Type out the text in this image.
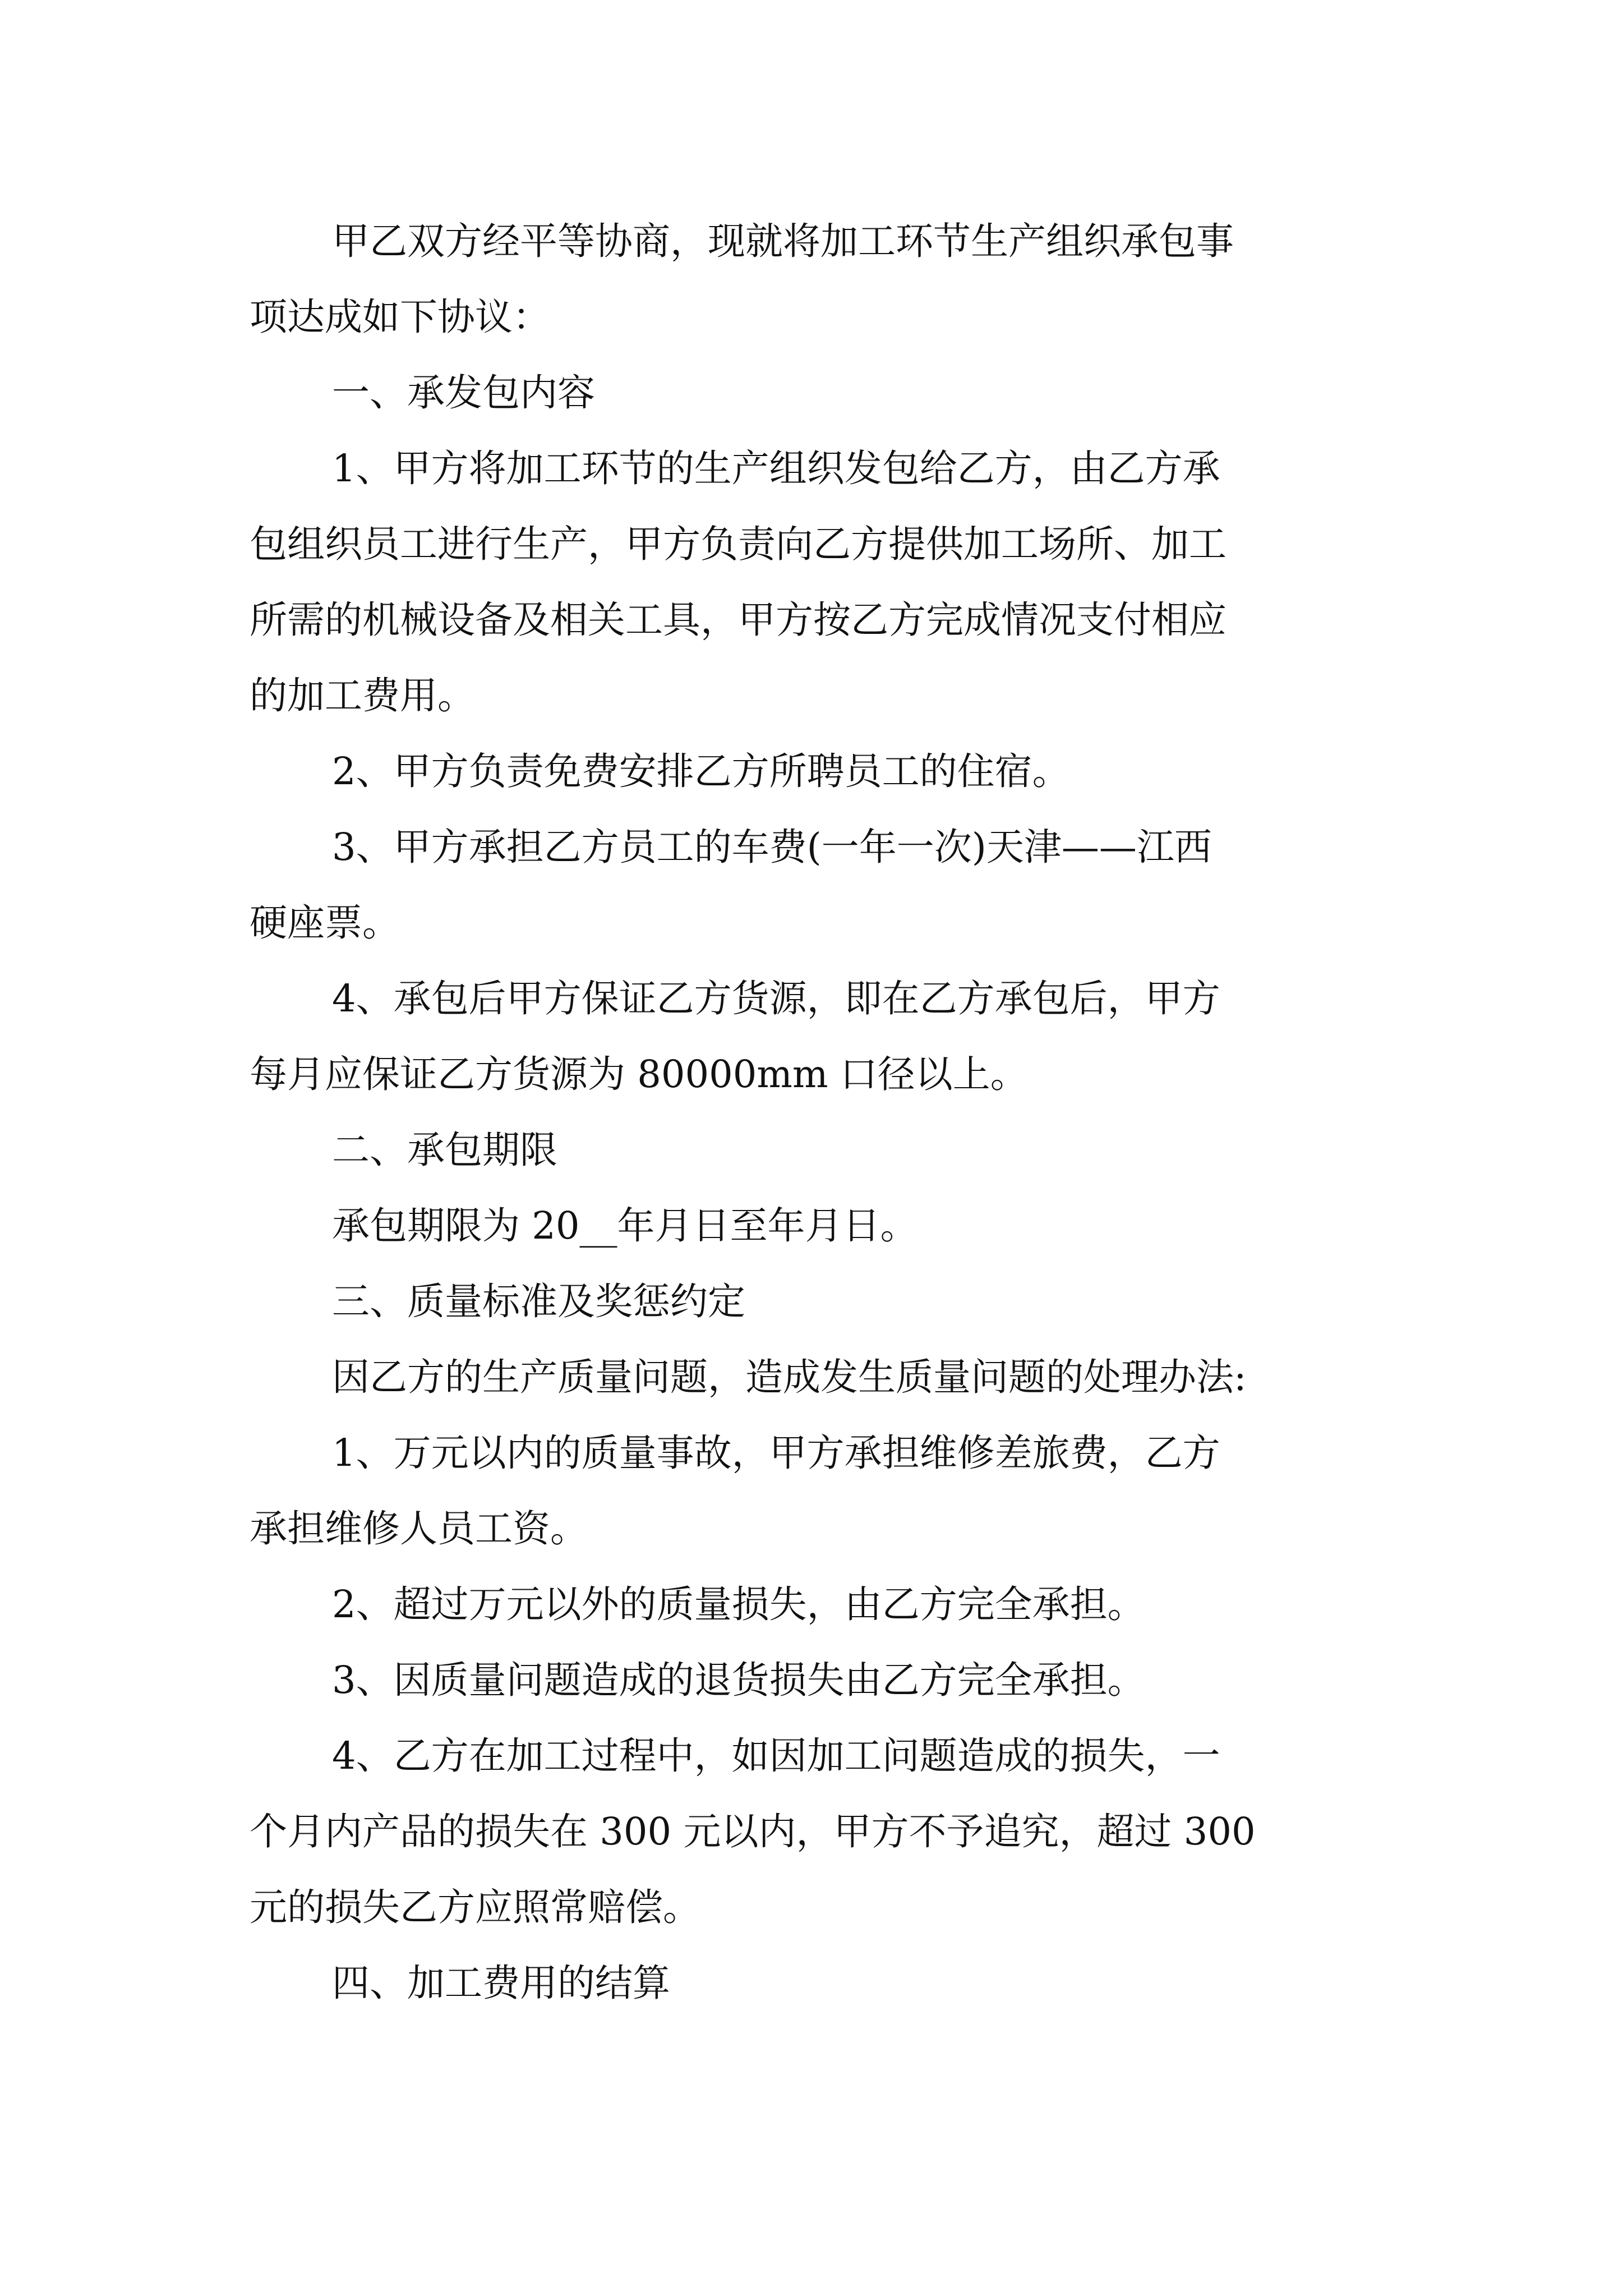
甲乙双方经平等协商，现就将加工环节生产组织承包事
项达成如下协议：
一、承发包内容
1、甲方将加工环节的生产组织发包给乙方，由乙方承
包组织员工进行生产，甲方负责向乙方提供加工场所、加工
所需的机械设备及相关工具，甲方按乙方完成情况支付相应
的加工费用。
2、甲方负责免费安排乙方所聘员工的住宿。
3、甲方承担乙方员工的车费(一年一次)天津——江西
硬座票。
4、承包后甲方保证乙方货源，即在乙方承包后，甲方
每月应保证乙方货源为 80000mm 口径以上。
二、承包期限
承包期限为 20__年月日至年月日。
三、质量标准及奖惩约定
因乙方的生产质量问题，造成发生质量问题的处理办法:
1、万元以内的质量事故，甲方承担维修差旅费，乙方
承担维修人员工资。
2、超过万元以外的质量损失，由乙方完全承担。
3、因质量问题造成的退货损失由乙方完全承担。
4、乙方在加工过程中，如因加工问题造成的损失，一
个月内产品的损失在 300 元以内，甲方不予追究，超过 300
元的损失乙方应照常赔偿。
四、加工费用的结算
